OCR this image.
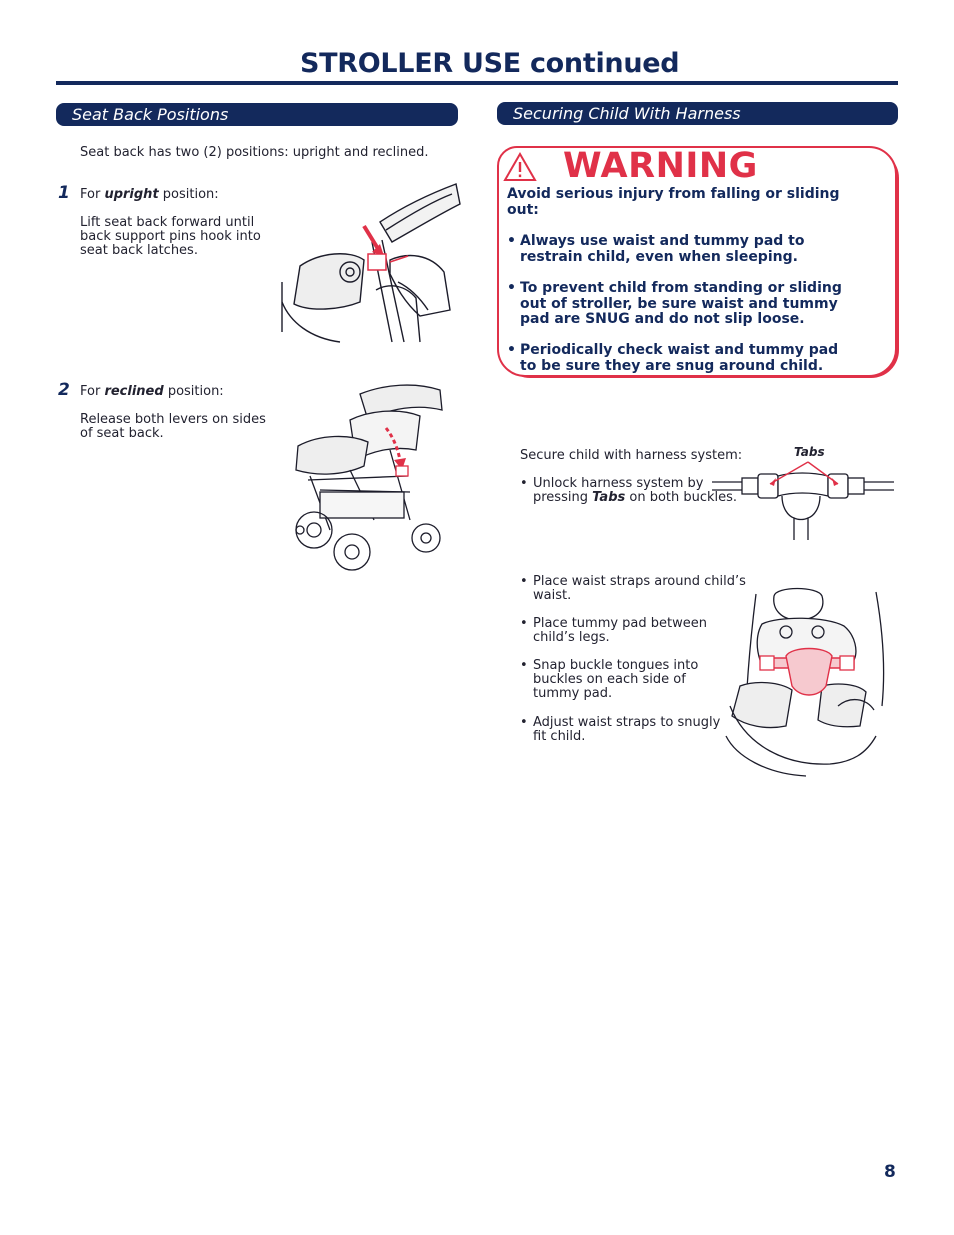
STROLLER USE continued
Seat Back Positions
Seat back has two (2) positions: upright and reclined.
1 For upright position:
Lift seat back forward until
back support pins hook into
seat back latches.
2 For reclined position:
Release both levers on sides
of seat back.
Securing Child With Harness
WARNING
Avoid serious injury from falling or sliding
out:
• Always use waist and tummy pad to
restrain child, even when sleeping.
• To prevent child from standing or sliding
out of stroller, be sure waist and tummy
pad are SNUG and do not slip loose.
• Periodically check waist and tummy pad
to be sure they are snug around child.
Secure child with harness system:
• Unlock harness system by
pressing Tabs on both buckles.
Tabs
• Place waist straps around child’s
waist.
• Place tummy pad between
child’s legs.
• Snap buckle tongues into
buckles on each side of
tummy pad.
• Adjust waist straps to snugly
fit child.
8
